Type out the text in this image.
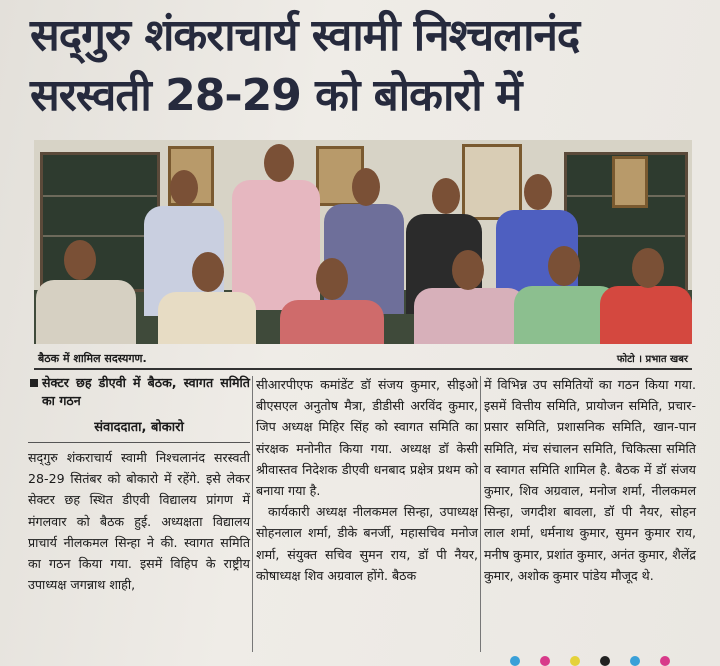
सद्‌गुरु शंकराचार्य स्वामी निश्चलानंद
सरस्वती 28-29 को बोकारो में
बैठक में शामिल सदस्यगण.	फोटो । प्रभात खबर
सेक्टर छह डीएवी में बैठक, स्वागत समिति का गठन
संवाददाता, बोकारो

सद्‌गुरु शंकराचार्य स्वामी निश्चलानंद सरस्वती 28-29 सितंबर को बोकारो में रहेंगे. इसे लेकर सेक्टर छह स्थित डीएवी विद्यालय प्रांगण में मंगलवार को बैठक हुई. अध्यक्षता विद्यालय प्राचार्य नीलकमल सिन्हा ने की. स्वागत समिति का गठन किया गया. इसमें विहिप के राष्ट्रीय उपाध्यक्ष जगन्नाथ शाही,

सीआरपीएफ कमांडेंट डॉ संजय कुमार, सीइओ बीएसएल अनुतोष मैत्रा, डीडीसी अरविंद कुमार, जिप अध्यक्ष मिहिर सिंह को स्वागत समिति का संरक्षक मनोनीत किया गया. अध्यक्ष डॉ केसी श्रीवास्तव निदेशक डीएवी धनबाद प्रक्षेत्र प्रथम को बनाया गया है.

कार्यकारी अध्यक्ष नीलकमल सिन्हा, उपाध्यक्ष सोहनलाल शर्मा, डीके बनर्जी, महासचिव मनोज शर्मा, संयुक्त सचिव सुमन राय, डॉ पी नैयर, कोषाध्यक्ष शिव अग्रवाल होंगे. बैठक

में विभिन्न उप समितियों का गठन किया गया. इसमें वित्तीय समिति, प्रायोजन समिति, प्रचार-प्रसार समिति, प्रशासनिक समिति, खान-पान समिति, मंच संचालन समिति, चिकित्सा समिति व स्वागत समिति शामिल है. बैठक में डॉ संजय कुमार, शिव अग्रवाल, मनोज शर्मा, नीलकमल सिन्हा, जगदीश बावला, डॉ पी नैयर, सोहन लाल शर्मा, धर्मनाथ कुमार, सुमन कुमार राय, मनीष कुमार, प्रशांत कुमार, अनंत कुमार, शैलेंद्र कुमार, अशोक कुमार पांडेय मौजूद थे.
